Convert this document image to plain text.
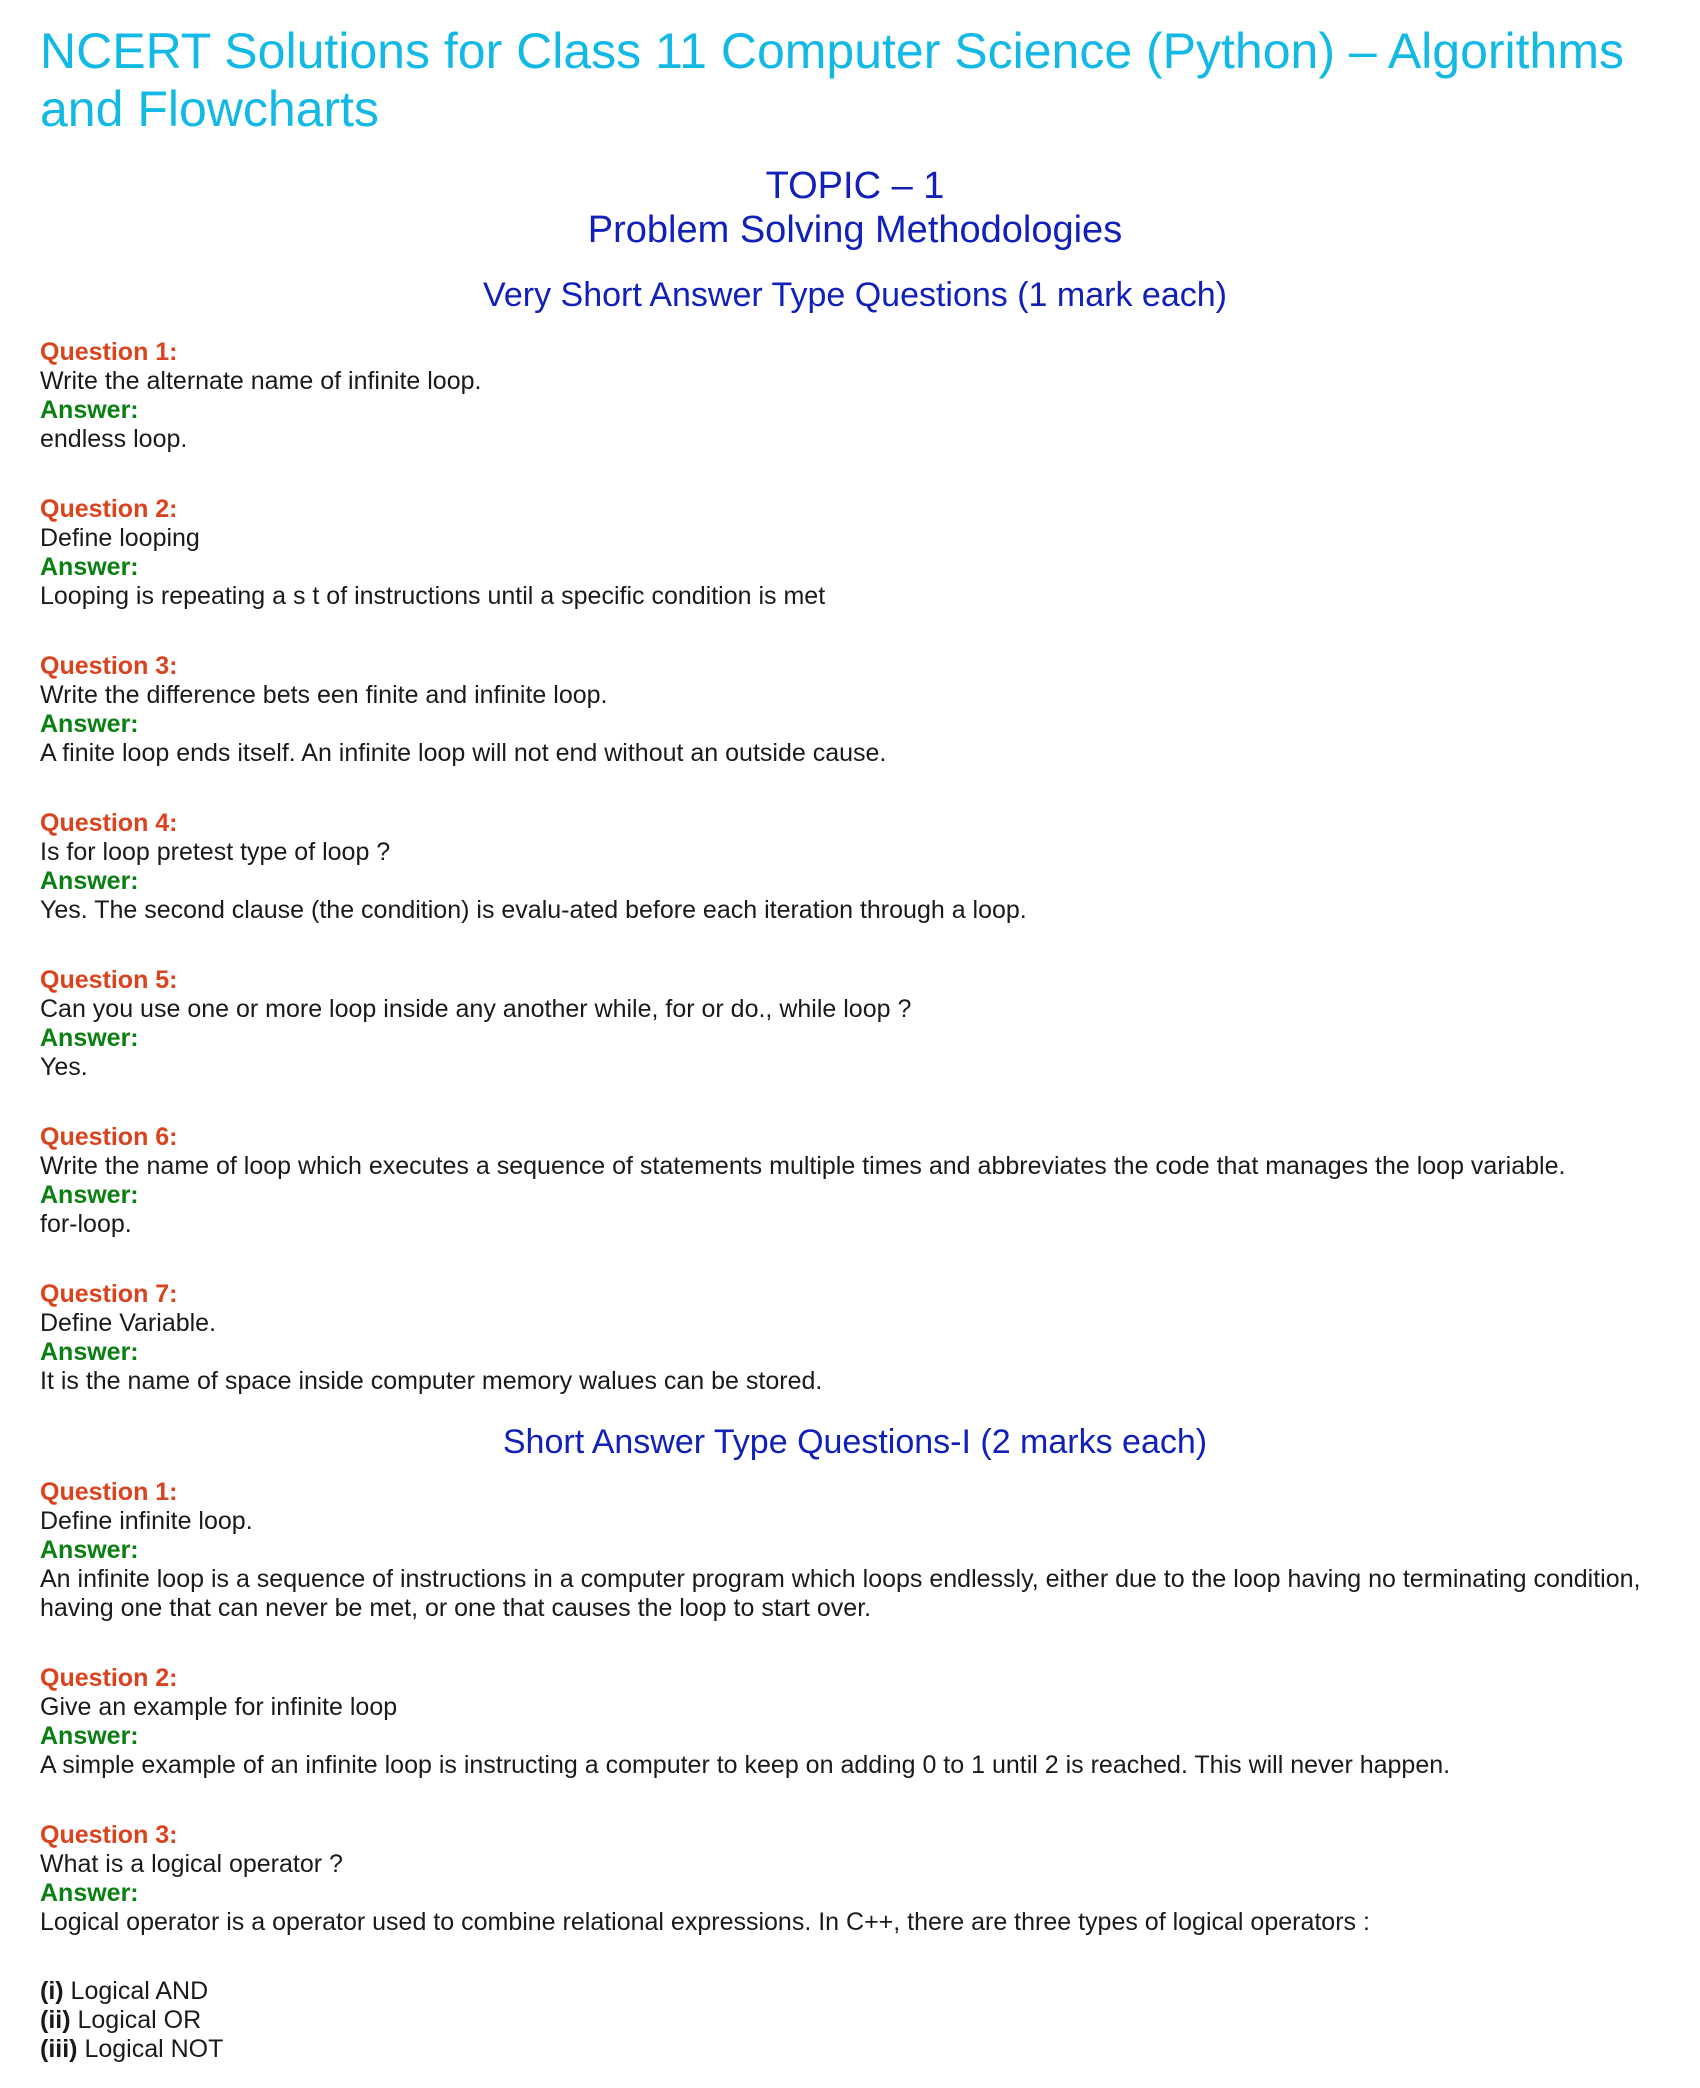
NCERT Solutions for Class 11 Computer Science (Python) – Algorithms and Flowcharts
TOPIC – 1
Problem Solving Methodologies
Very Short Answer Type Questions (1 mark each)
Question 1:
Write the alternate name of infinite loop.
Answer:
endless loop.
Question 2:
Define looping
Answer:
Looping is repeating a s t of instructions until a specific condition is met
Question 3:
Write the difference bets een finite and infinite loop.
Answer:
A finite loop ends itself. An infinite loop will not end without an outside cause.
Question 4:
Is for loop pretest type of loop ?
Answer:
Yes. The second clause (the condition) is evalu-ated before each iteration through a loop.
Question 5:
Can you use one or more loop inside any another while, for or do., while loop ?
Answer:
Yes.
Question 6:
Write the name of loop which executes a sequence of statements multiple times and abbreviates the code that manages the loop variable.
Answer:
for-loop.
Question 7:
Define Variable.
Answer:
It is the name of space inside computer memory walues can be stored.
Short Answer Type Questions-I (2 marks each)
Question 1:
Define infinite loop.
Answer:
An infinite loop is a sequence of instructions in a computer program which loops endlessly, either due to the loop having no terminating condition, having one that can never be met, or one that causes the loop to start over.
Question 2:
Give an example for infinite loop
Answer:
A simple example of an infinite loop is instructing a computer to keep on adding 0 to 1 until 2 is reached. This will never happen.
Question 3:
What is a logical operator ?
Answer:
Logical operator is a operator used to combine relational expressions. In C++, there are three types of logical operators :
(i) Logical AND
(ii) Logical OR
(iii) Logical NOT
